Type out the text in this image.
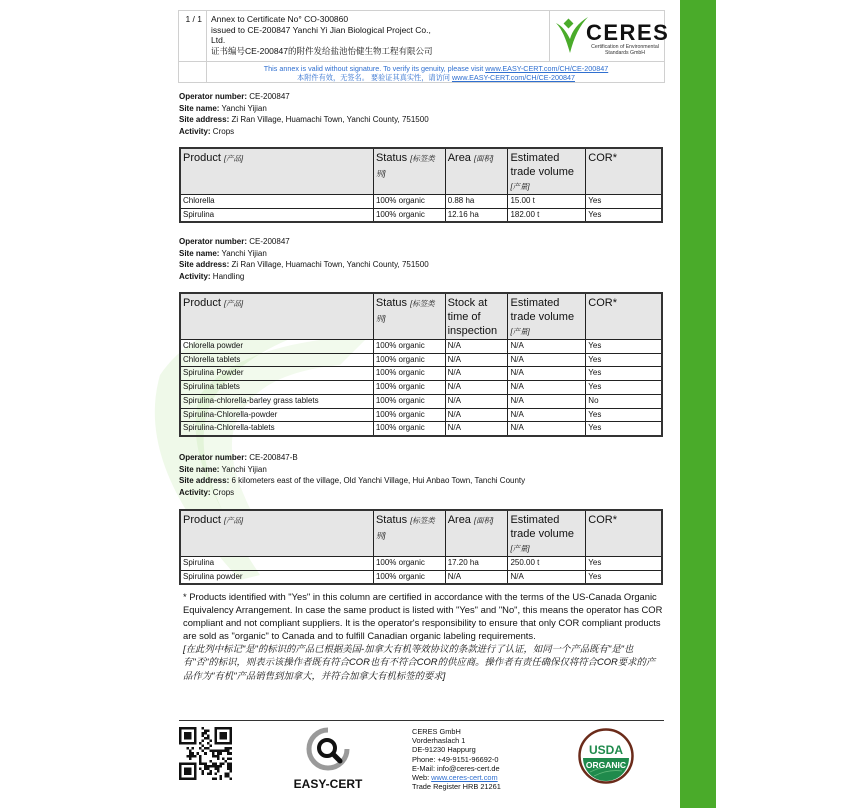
1 / 1	Annex to Certificate No° CO-300860
issued to CE-200847 Yanchi Yi Jian Biological Project Co.,
Ltd.
证书编号CE-200847的附件发给盐池怡健生物工程有限公司
CERES
Certification of Environmental Standards GmbH
This annex is valid without signature. To verify its genuity, please visit www.EASY-CERT.com/CH/CE-200847
本附件有效，无签名。 要验证其真实性，请访问 www.EASY-CERT.com/CH/CE-200847
Operator number: CE-200847
Site name: Yanchi Yijian
Site address: Zi Ran Village, Huamachi Town, Yanchi County, 751500
Activity: Crops
Product [产品]	Status [标签类别]	Area [面积]	Estimated trade volume [产量]	COR*
Chlorella	100% organic	0.88 ha	15.00 t	Yes
Spirulina	100% organic	12.16 ha	182.00 t	Yes
Operator number: CE-200847
Site name: Yanchi Yijian
Site address: Zi Ran Village, Huamachi Town, Yanchi County, 751500
Activity: Handling
Product [产品]	Status [标签类别]	Stock at time of inspection	Estimated trade volume [产量]	COR*
Chlorella powder	100% organic	N/A	N/A	Yes
Chlorella tablets	100% organic	N/A	N/A	Yes
Spirulina Powder	100% organic	N/A	N/A	Yes
Spirulina tablets	100% organic	N/A	N/A	Yes
Spirulina-chlorella-barley grass tablets	100% organic	N/A	N/A	No
Spirulina-Chlorella-powder	100% organic	N/A	N/A	Yes
Spirulina-Chlorella-tablets	100% organic	N/A	N/A	Yes
Operator number: CE-200847-B
Site name: Yanchi Yijian
Site address: 6 kilometers east of the village, Old Yanchi Village, Hui Anbao Town, Tanchi County
Activity: Crops
Product [产品]	Status [标签类别]	Area [面积]	Estimated trade volume [产量]	COR*
Spirulina	100% organic	17.20 ha	250.00 t	Yes
Spirulina powder	100% organic	N/A	N/A	Yes
* Products identified with "Yes" in this column are certified in accordance with the terms of the US-Canada Organic Equivalency Arrangement. In case the same product is listed with "Yes" and "No", this means the operator has COR compliant and not compliant suppliers. It is the operator's responsibility to ensure that only COR compliant products are sold as "organic" to Canada and to fulfill Canadian organic labeling requirements.
[在此列中标记"是"的标识的产品已根据美国-加拿大有机等效协议的条款进行了认证，如同一个产品既有"是"也有"否"的标识，则表示该操作者既有符合COR也有不符合COR的供应商。操作者有责任确保仅将符合COR要求的产品作为"有机"产品销售到加拿大，并符合加拿大有机标签的要求]
EASY-CERT
CERES GmbH
Vorderhaslach 1
DE-91230 Happurg
Phone: +49-9151-96692-0
E-Mail: info@ceres-cert.de
Web: www.ceres-cert.com
Trade Register HRB 21261
USDA
ORGANIC
